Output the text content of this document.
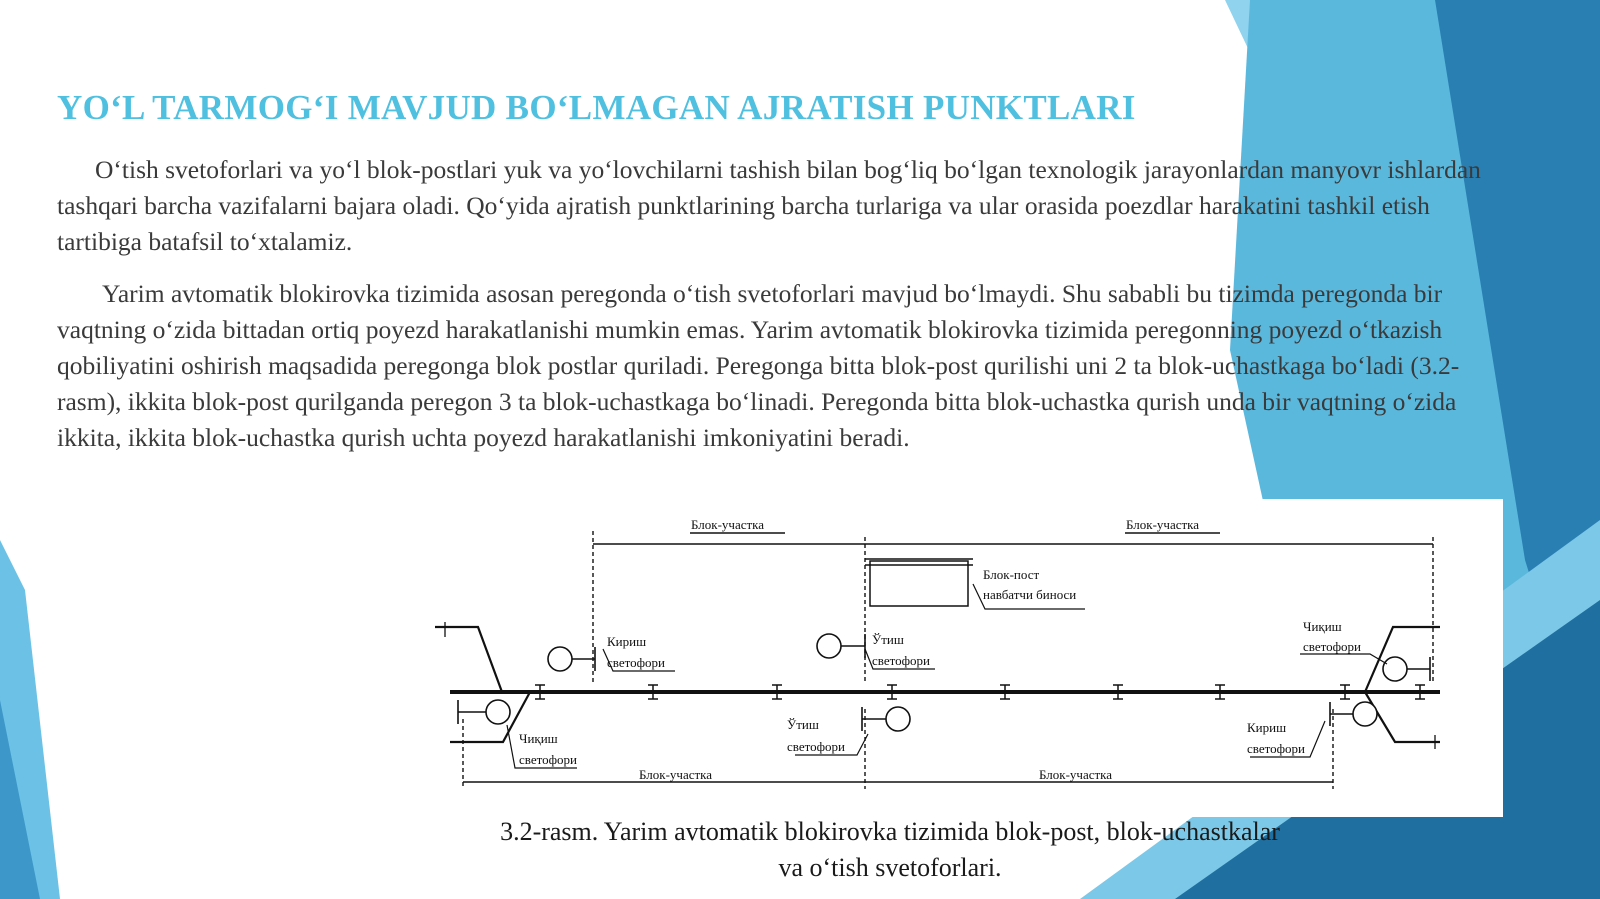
YO‘L TARMOG‘I MAVJUD BO‘LMAGAN AJRATISH PUNKTLARI

O‘tish svetoforlari va yo‘l blok-postlari yuk va yo‘lovchilarni tashish bilan bog‘liq bo‘lgan texnologik jarayonlardan manyovr ishlardan tashqari barcha vazifalarni bajara oladi. Qo‘yida ajratish punktlarining barcha turlariga va ular orasida poezdlar harakatini tashkil etish tartibiga batafsil to‘xtalamiz.

Yarim avtomatik blokirovka tizimida asosan peregonda o‘tish svetoforlari mavjud bo‘lmaydi. Shu sababli bu tizimda peregonda bir vaqtning o‘zida bittadan ortiq poyezd harakatlanishi mumkin emas. Yarim avtomatik blokirovka tizimida peregonning poyezd o‘tkazish qobiliyatini oshirish maqsadida peregonga blok postlar quriladi. Peregonga bitta blok-post qurilishi uni 2 ta blok-uchastkaga bo‘ladi (3.2-rasm), ikkita blok-post qurilganda peregon 3 ta blok-uchastkaga bo‘linadi. Peregonda bitta blok-uchastka qurish unda bir vaqtning o‘zida ikkita, ikkita blok-uchastka qurish uchta poyezd harakatlanishi imkoniyatini beradi.

Блок-участка	Блок-участка
Блок-участка	Блок-участка
Блок-пост
навбатчи биноси
Кириш
светофори
Ўтиш
светофори
Чиқиш
светофори
Чиқиш
светофори
Ўтиш
светофори
Кириш
светофори

3.2-rasm. Yarim avtomatik blokirovka tizimida blok-post, blok-uchastkalar va o‘tish svetoforlari.
